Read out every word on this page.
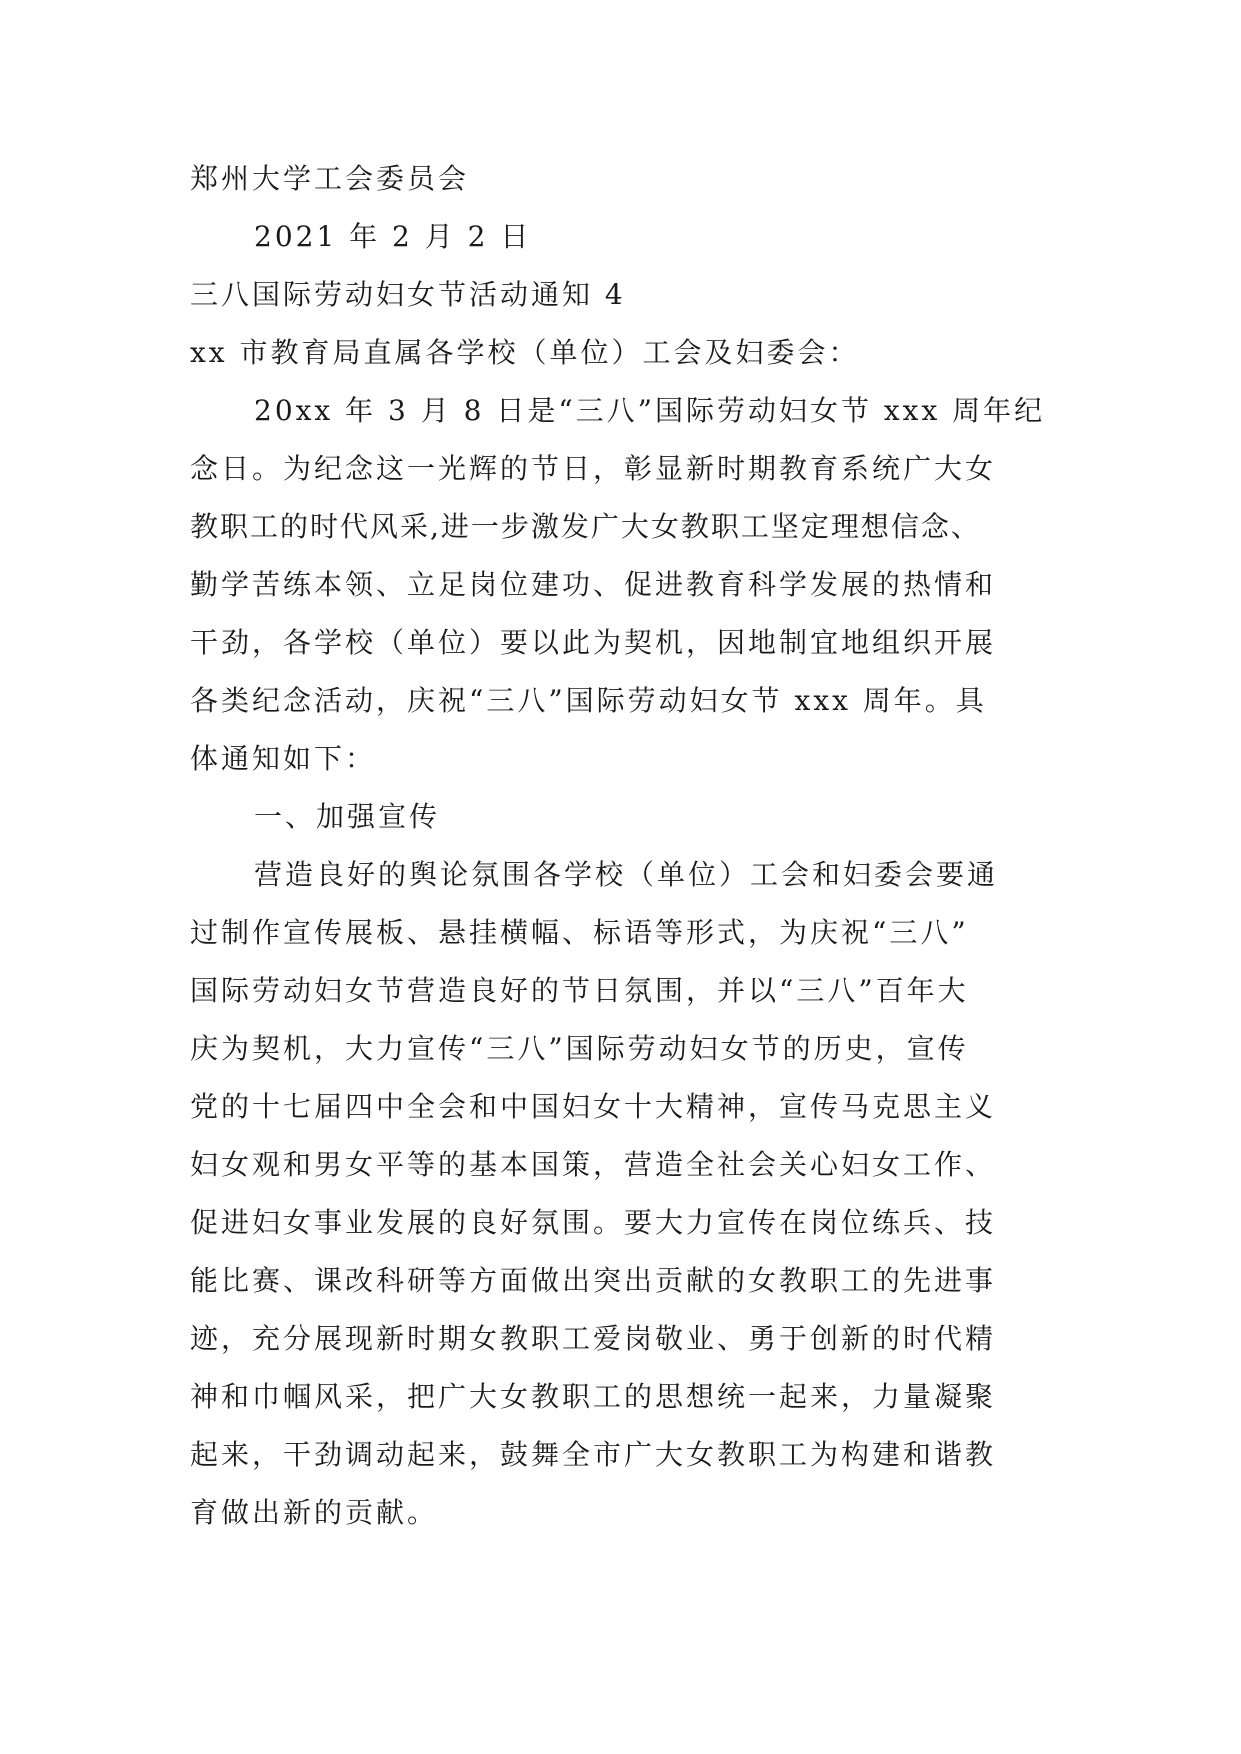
郑州大学工会委员会

2021 年 2 月 2 日

三八国际劳动妇女节活动通知 4

xx 市教育局直属各学校（单位）工会及妇委会：

20xx 年 3 月 8 日是“三八”国际劳动妇女节 xxx 周年纪

念日。为纪念这一光辉的节日，彰显新时期教育系统广大女

教职工的时代风采,进一步激发广大女教职工坚定理想信念、

勤学苦练本领、立足岗位建功、促进教育科学发展的热情和

干劲，各学校（单位）要以此为契机，因地制宜地组织开展

各类纪念活动，庆祝“三八”国际劳动妇女节 xxx 周年。具

体通知如下：

一、加强宣传

营造良好的舆论氛围各学校（单位）工会和妇委会要通

过制作宣传展板、悬挂横幅、标语等形式，为庆祝“三八”

国际劳动妇女节营造良好的节日氛围，并以“三八”百年大

庆为契机，大力宣传“三八”国际劳动妇女节的历史，宣传

党的十七届四中全会和中国妇女十大精神，宣传马克思主义

妇女观和男女平等的基本国策，营造全社会关心妇女工作、

促进妇女事业发展的良好氛围。要大力宣传在岗位练兵、技

能比赛、课改科研等方面做出突出贡献的女教职工的先进事

迹，充分展现新时期女教职工爱岗敬业、勇于创新的时代精

神和巾帼风采，把广大女教职工的思想统一起来，力量凝聚

起来，干劲调动起来，鼓舞全市广大女教职工为构建和谐教

育做出新的贡献。
